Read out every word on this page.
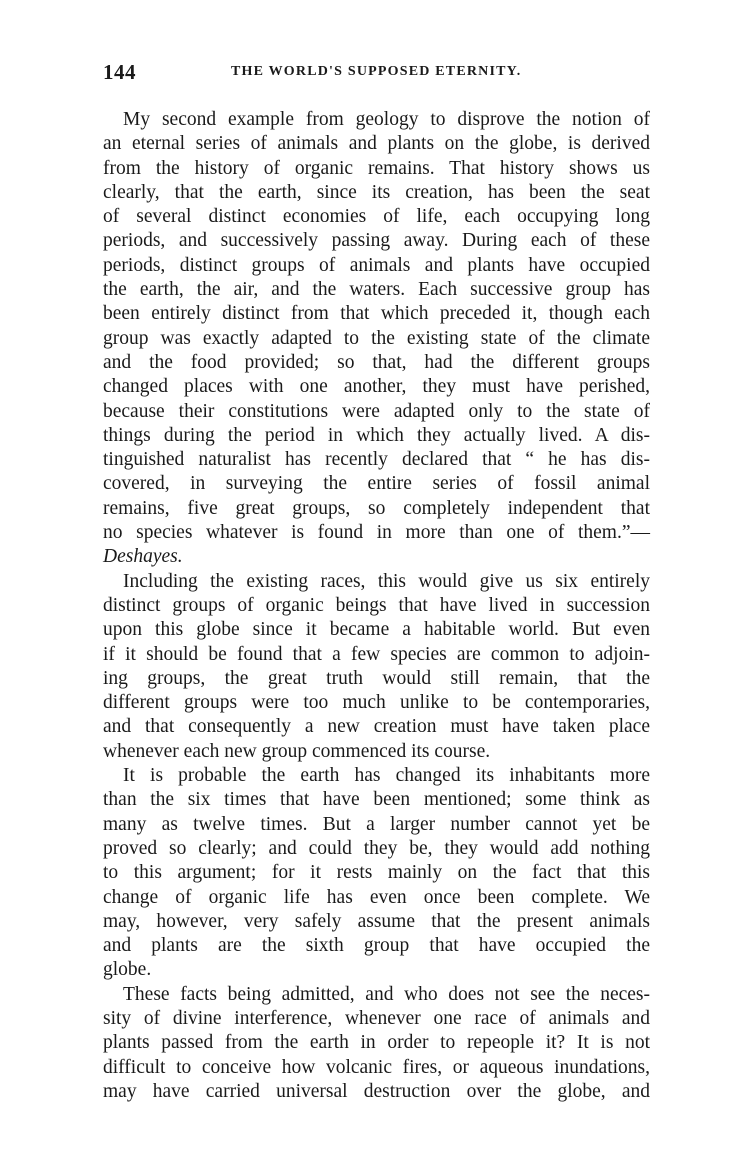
144	THE WORLD'S SUPPOSED ETERNITY.
My second example from geology to disprove the notion of
an eternal series of animals and plants on the globe, is derived
from the history of organic remains. That history shows us
clearly, that the earth, since its creation, has been the seat
of several distinct economies of life, each occupying long
periods, and successively passing away. During each of these
periods, distinct groups of animals and plants have occupied
the earth, the air, and the waters. Each successive group has
been entirely distinct from that which preceded it, though each
group was exactly adapted to the existing state of the climate
and the food provided; so that, had the different groups
changed places with one another, they must have perished,
because their constitutions were adapted only to the state of
things during the period in which they actually lived. A dis-
tinguished naturalist has recently declared that “ he has dis-
covered, in surveying the entire series of fossil animal
remains, five great groups, so completely independent that
no species whatever is found in more than one of them.”—
Deshayes.
Including the existing races, this would give us six entirely
distinct groups of organic beings that have lived in succession
upon this globe since it became a habitable world. But even
if it should be found that a few species are common to adjoin-
ing groups, the great truth would still remain, that the
different groups were too much unlike to be contemporaries,
and that consequently a new creation must have taken place
whenever each new group commenced its course.
It is probable the earth has changed its inhabitants more
than the six times that have been mentioned; some think as
many as twelve times. But a larger number cannot yet be
proved so clearly; and could they be, they would add nothing
to this argument; for it rests mainly on the fact that this
change of organic life has even once been complete. We
may, however, very safely assume that the present animals
and plants are the sixth group that have occupied the
globe.
These facts being admitted, and who does not see the neces-
sity of divine interference, whenever one race of animals and
plants passed from the earth in order to repeople it? It is not
difficult to conceive how volcanic fires, or aqueous inundations,
may have carried universal destruction over the globe, and
